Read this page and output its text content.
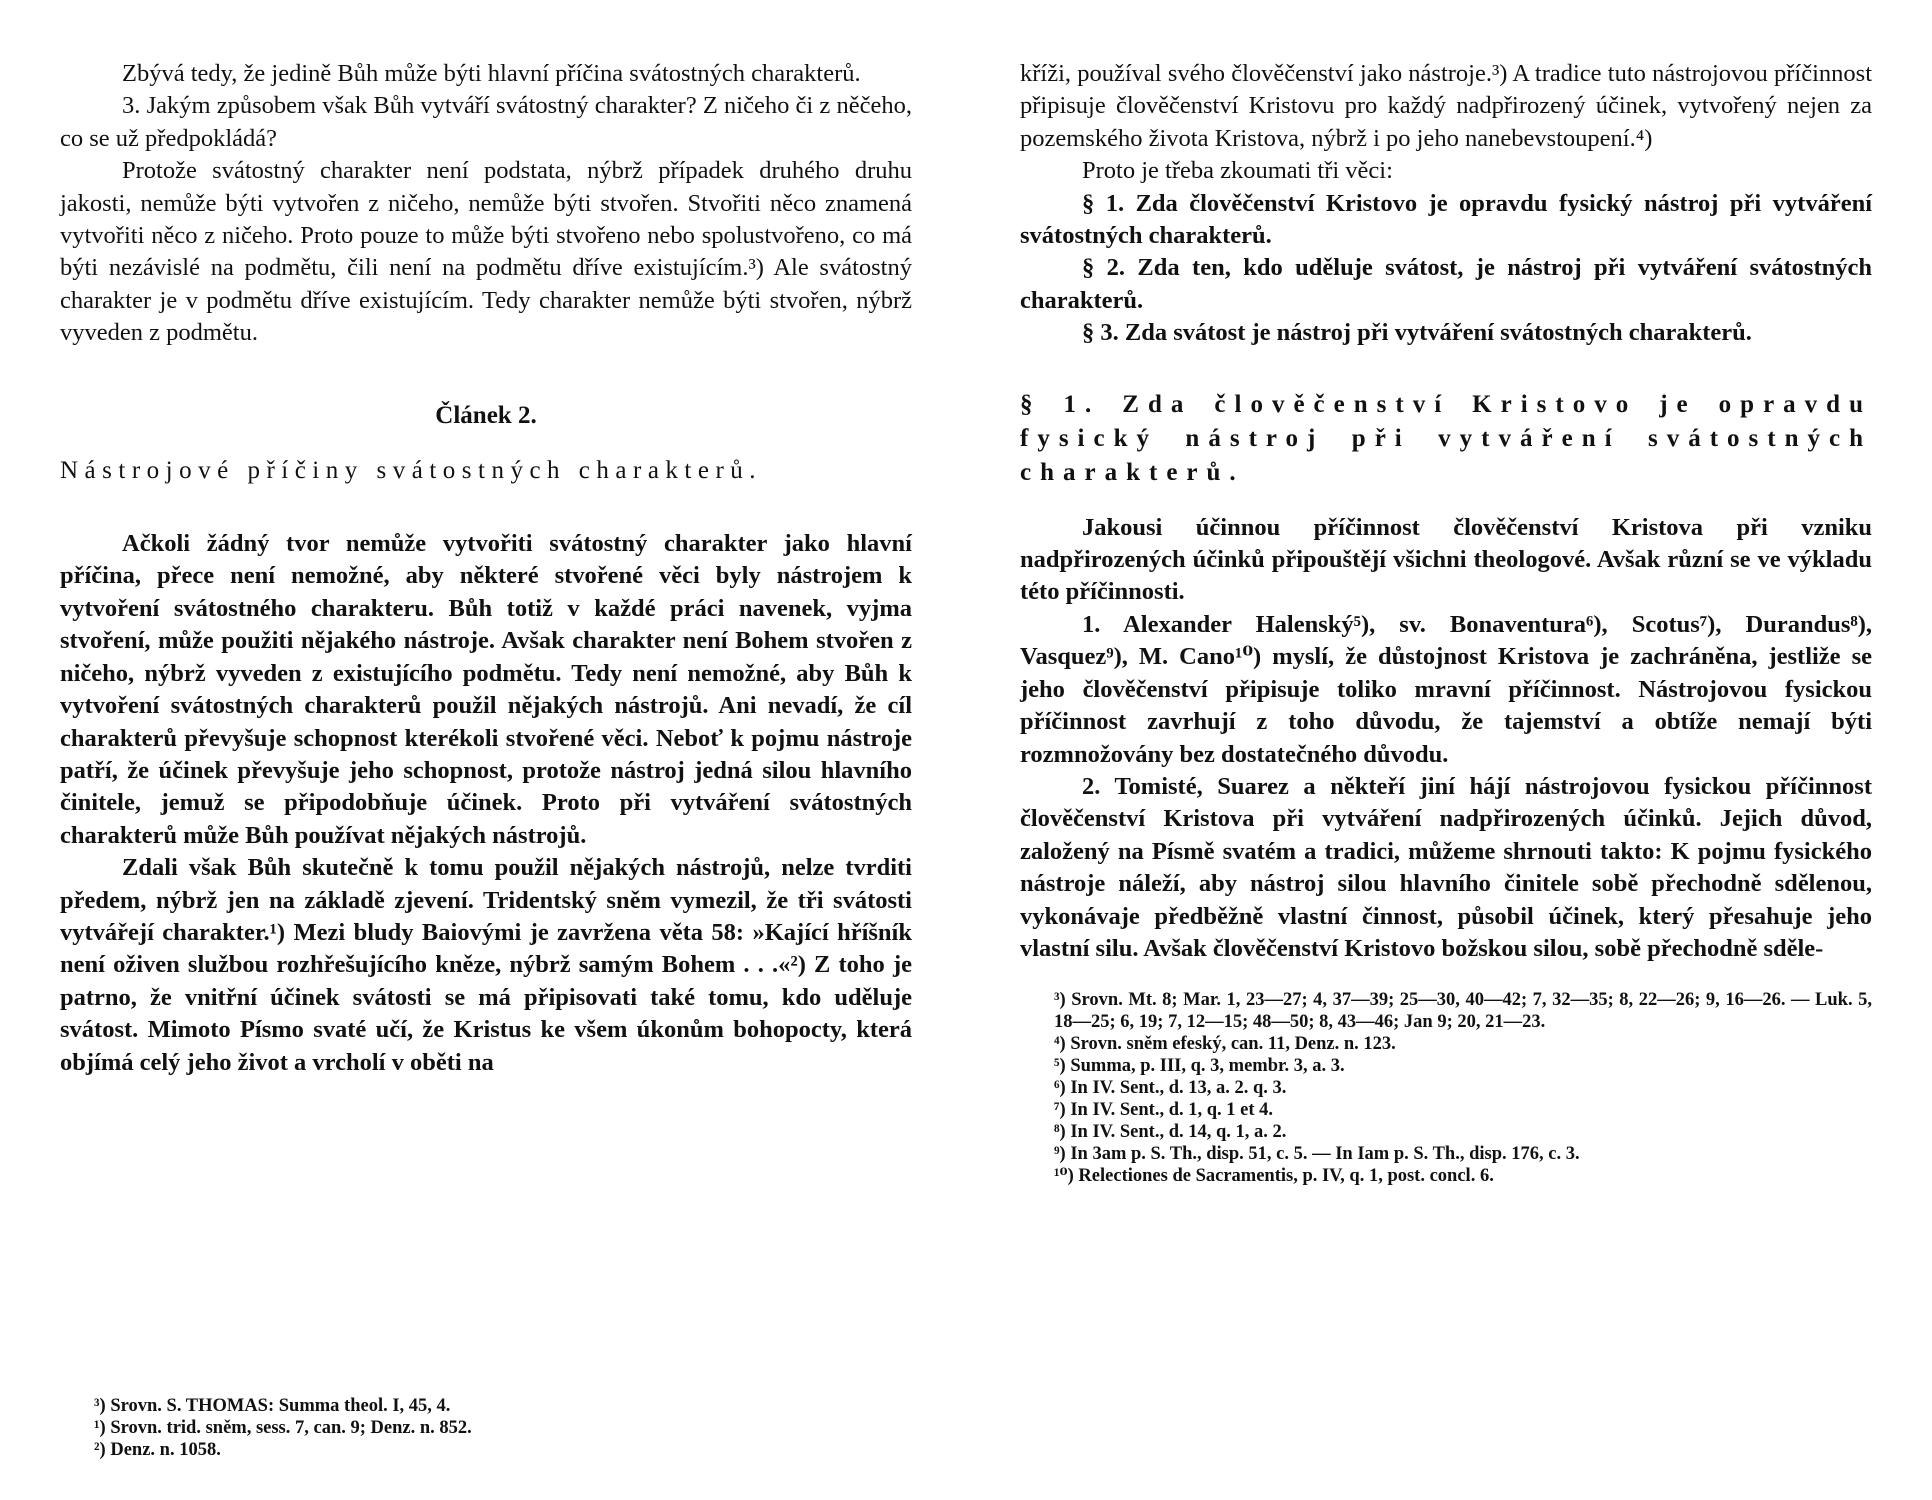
Zbývá tedy, že jedině Bůh může býti hlavní příčina svátostných charakterů.

3. Jakým způsobem však Bůh vytváří svátostný charakter? Z ničeho či z něčeho, co se už předpokládá?

Protože svátostný charakter není podstata, nýbrž případek druhého druhu jakosti, nemůže býti vytvořen z ničeho, nemůže býti stvořen. Stvořiti něco znamená vytvořiti něco z ničeho. Proto pouze to může býti stvořeno nebo spolustvořeno, co má býti nezávislé na podmětu, čili není na podmětu dříve existujícím.³) Ale svátostný charakter je v podmětu dříve existujícím. Tedy charakter nemůže býti stvořen, nýbrž vyveden z podmětu.

Článek 2.

Nástrojové příčiny svátostných charakterů.

Ačkoli žádný tvor nemůže vytvořiti svátostný charakter jako hlavní příčina, přece není nemožné, aby některé stvořené věci byly nástrojem k vytvoření svátostného charakteru. Bůh totiž v každé práci navenek, vyjma stvoření, může použiti nějakého nástroje. Avšak charakter není Bohem stvořen z ničeho, nýbrž vyveden z existujícího podmětu. Tedy není nemožné, aby Bůh k vytvoření svátostných charakterů použil nějakých nástrojů. Ani nevadí, že cíl charakterů převyšuje schopnost kterékoli stvořené věci. Neboť k pojmu nástroje patří, že účinek převyšuje jeho schopnost, protože nástroj jedná silou hlavního činitele, jemuž se připodobňuje účinek. Proto při vytváření svátostných charakterů může Bůh používat nějakých nástrojů.

Zdali však Bůh skutečně k tomu použil nějakých nástrojů, nelze tvrditi předem, nýbrž jen na základě zjevení. Tridentský sněm vymezil, že tři svátosti vytvářejí charakter.¹) Mezi bludy Baiovými je zavržena věta 58: »Kající hříšník není oživen službou rozhřešujícího kněze, nýbrž samým Bohem . . .«²) Z toho je patrno, že vnitřní účinek svátosti se má připisovati také tomu, kdo uděluje svátost. Mimoto Písmo svaté učí, že Kristus ke všem úkonům bohopocty, která objímá celý jeho život a vrcholí v oběti na

³) Srovn. S. THOMAS: Summa theol. I, 45, 4.

¹) Srovn. trid. sněm, sess. 7, can. 9; Denz. n. 852.

²) Denz. n. 1058.

kříži, používal svého člověčenství jako nástroje.³) A tradice tuto nástrojovou příčinnost připisuje člověčenství Kristovu pro každý nadpřirozený účinek, vytvořený nejen za pozemského života Kristova, nýbrž i po jeho nanebevstoupení.⁴)

Proto je třeba zkoumati tři věci:

§ 1. Zda člověčenství Kristovo je opravdu fysický nástroj při vytváření svátostných charakterů.

§ 2. Zda ten, kdo uděluje svátost, je nástroj při vytváření svátostných charakterů.

§ 3. Zda svátost je nástroj při vytváření svátostných charakterů.

§ 1. Zda člověčenství Kristovo je opravdu fysický nástroj při vytváření svátostných charakterů.

Jakousi účinnou příčinnost člověčenství Kristova při vzniku nadpřirozených účinků připouštějí všichni theologové. Avšak různí se ve výkladu této příčinnosti.

1. Alexander Halenský⁵), sv. Bonaventura⁶), Scotus⁷), Durandus⁸), Vasquez⁹), M. Cano¹⁰) myslí, že důstojnost Kristova je zachráněna, jestliže se jeho člověčenství připisuje toliko mravní příčinnost. Nástrojovou fysickou příčinnost zavrhují z toho důvodu, že tajemství a obtíže nemají býti rozmnožovány bez dostatečného důvodu.

2. Tomisté, Suarez a někteří jiní hájí nástrojovou fysickou příčinnost člověčenství Kristova při vytváření nadpřirozených účinků. Jejich důvod, založený na Písmě svatém a tradici, můžeme shrnouti takto: K pojmu fysického nástroje náleží, aby nástroj silou hlavního činitele sobě přechodně sdělenou, vykonávaje předběžně vlastní činnost, působil účinek, který přesahuje jeho vlastní silu. Avšak člověčenství Kristovo božskou silou, sobě přechodně sděle-

³) Srovn. Mt. 8; Mar. 1, 23—27; 4, 37—39; 25—30, 40—42; 7, 32—35; 8, 22—26; 9, 16—26. — Luk. 5, 18—25; 6, 19; 7, 12—15; 48—50; 8, 43—46; Jan 9; 20, 21—23.

⁴) Srovn. sněm efeský, can. 11, Denz. n. 123.

⁵) Summa, p. III, q. 3, membr. 3, a. 3.

⁶) In IV. Sent., d. 13, a. 2. q. 3.

⁷) In IV. Sent., d. 1, q. 1 et 4.

⁸) In IV. Sent., d. 14, q. 1, a. 2.

⁹) In 3am p. S. Th., disp. 51, c. 5. — In Iam p. S. Th., disp. 176, c. 3.

¹⁰) Relectiones de Sacramentis, p. IV, q. 1, post. concl. 6.
